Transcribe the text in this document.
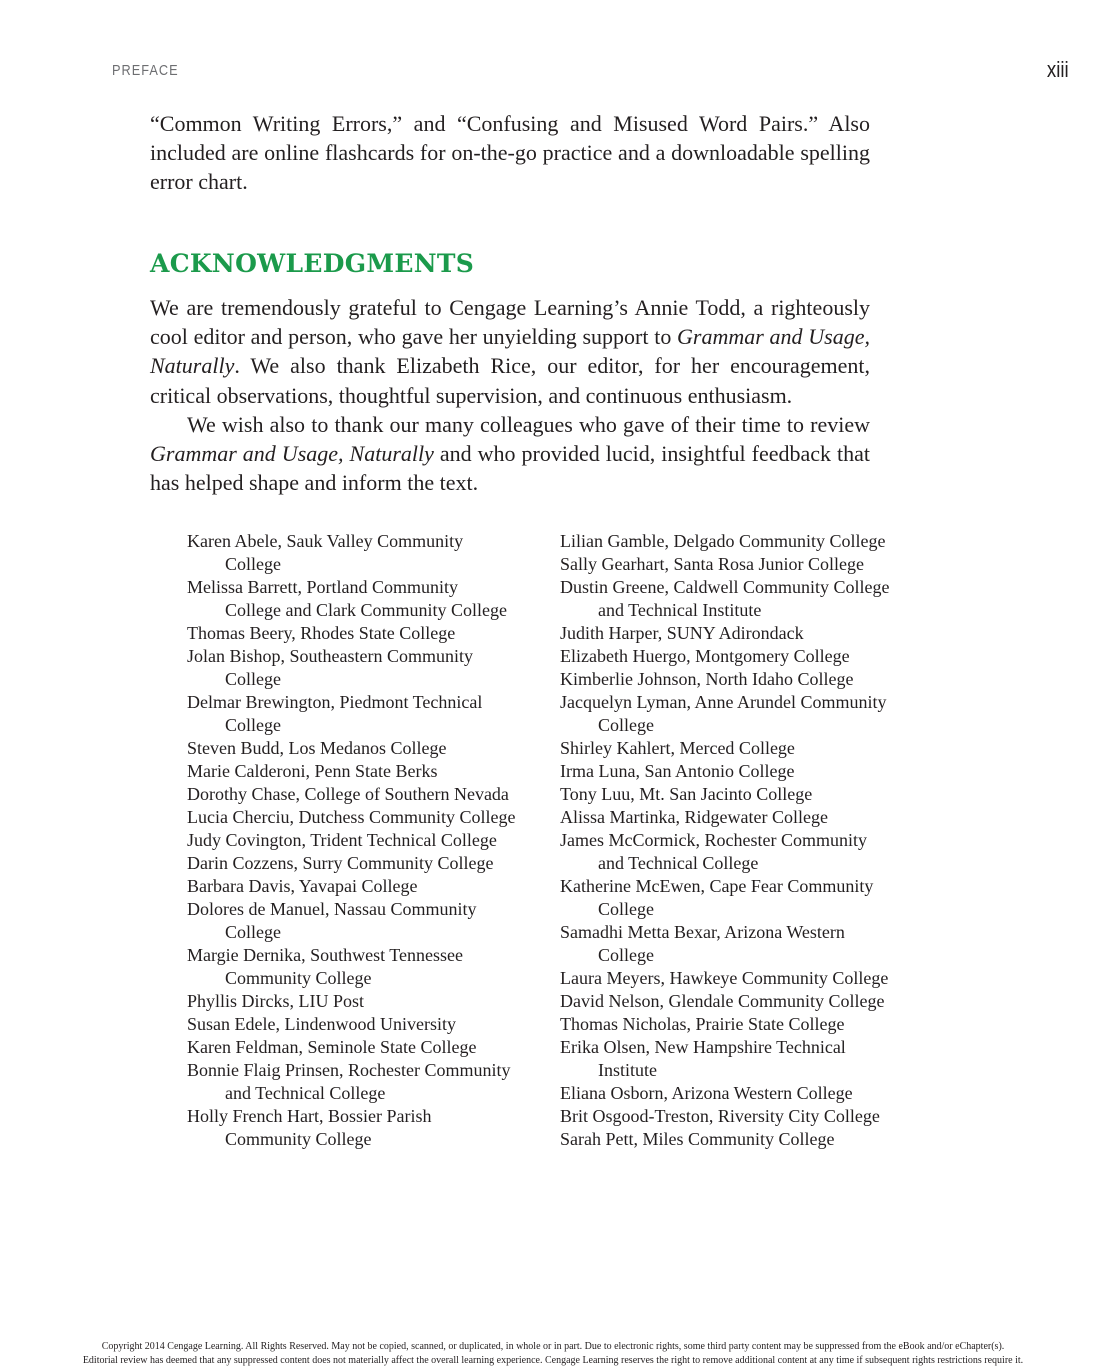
PREFACE	xiii

“Common Writing Errors,” and “Confusing and Misused Word Pairs.” Also included are online flashcards for on-the-go practice and a downloadable spelling error chart.

ACKNOWLEDGMENTS

We are tremendously grateful to Cengage Learning’s Annie Todd, a righteously cool editor and person, who gave her unyielding support to Grammar and Usage, Naturally. We also thank Elizabeth Rice, our editor, for her encouragement, critical observations, thoughtful supervision, and continuous enthusiasm.

We wish also to thank our many colleagues who gave of their time to review Grammar and Usage, Naturally and who provided lucid, insightful feedback that has helped shape and inform the text.

Karen Abele, Sauk Valley Community College
Melissa Barrett, Portland Community College and Clark Community College
Thomas Beery, Rhodes State College
Jolan Bishop, Southeastern Community College
Delmar Brewington, Piedmont Technical College
Steven Budd, Los Medanos College
Marie Calderoni, Penn State Berks
Dorothy Chase, College of Southern Nevada
Lucia Cherciu, Dutchess Community College
Judy Covington, Trident Technical College
Darin Cozzens, Surry Community College
Barbara Davis, Yavapai College
Dolores de Manuel, Nassau Community College
Margie Dernika, Southwest Tennessee Community College
Phyllis Dircks, LIU Post
Susan Edele, Lindenwood University
Karen Feldman, Seminole State College
Bonnie Flaig Prinsen, Rochester Community and Technical College
Holly French Hart, Bossier Parish Community College
Lilian Gamble, Delgado Community College
Sally Gearhart, Santa Rosa Junior College
Dustin Greene, Caldwell Community College and Technical Institute
Judith Harper, SUNY Adirondack
Elizabeth Huergo, Montgomery College
Kimberlie Johnson, North Idaho College
Jacquelyn Lyman, Anne Arundel Community College
Shirley Kahlert, Merced College
Irma Luna, San Antonio College
Tony Luu, Mt. San Jacinto College
Alissa Martinka, Ridgewater College
James McCormick, Rochester Community and Technical College
Katherine McEwen, Cape Fear Community College
Samadhi Metta Bexar, Arizona Western College
Laura Meyers, Hawkeye Community College
David Nelson, Glendale Community College
Thomas Nicholas, Prairie State College
Erika Olsen, New Hampshire Technical Institute
Eliana Osborn, Arizona Western College
Brit Osgood-Treston, Riversity City College
Sarah Pett, Miles Community College
Copyright 2014 Cengage Learning. All Rights Reserved. May not be copied, scanned, or duplicated, in whole or in part. Due to electronic rights, some third party content may be suppressed from the eBook and/or eChapter(s).
Editorial review has deemed that any suppressed content does not materially affect the overall learning experience. Cengage Learning reserves the right to remove additional content at any time if subsequent rights restrictions require it.
